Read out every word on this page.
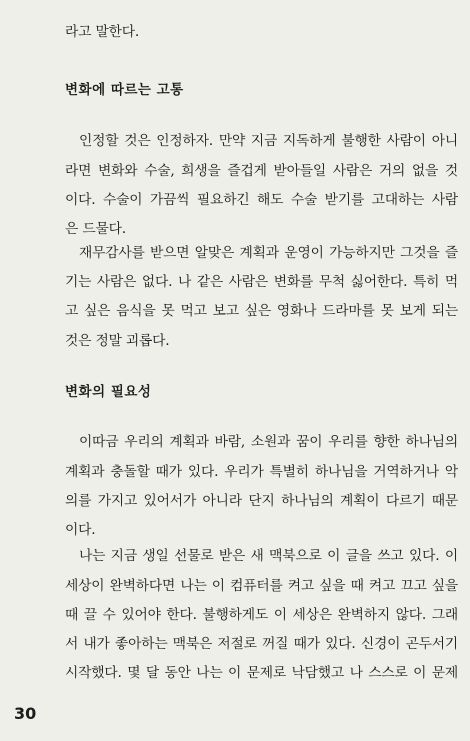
라고 말한다.
변화에 따르는 고통
인정할 것은 인정하자. 만약 지금 지독하게 불행한 사람이 아니
라면 변화와 수술, 희생을 즐겁게 받아들일 사람은 거의 없을 것
이다. 수술이 가끔씩 필요하긴 해도 수술 받기를 고대하는 사람
은 드물다.
재무감사를 받으면 알맞은 계획과 운영이 가능하지만 그것을 즐
기는 사람은 없다. 나 같은 사람은 변화를 무척 싫어한다. 특히 먹
고 싶은 음식을 못 먹고 보고 싶은 영화나 드라마를 못 보게 되는
것은 정말 괴롭다.
변화의 필요성
이따금 우리의 계획과 바람, 소원과 꿈이 우리를 향한 하나님의
계획과 충돌할 때가 있다. 우리가 특별히 하나님을 거역하거나 악
의를 가지고 있어서가 아니라 단지 하나님의 계획이 다르기 때문
이다.
나는 지금 생일 선물로 받은 새 맥북으로 이 글을 쓰고 있다. 이
세상이 완벽하다면 나는 이 컴퓨터를 켜고 싶을 때 켜고 끄고 싶을
때 끌 수 있어야 한다. 불행하게도 이 세상은 완벽하지 않다. 그래
서 내가 좋아하는 맥북은 저절로 꺼질 때가 있다. 신경이 곤두서기
시작했다. 몇 달 동안 나는 이 문제로 낙담했고 나 스스로 이 문제
30
